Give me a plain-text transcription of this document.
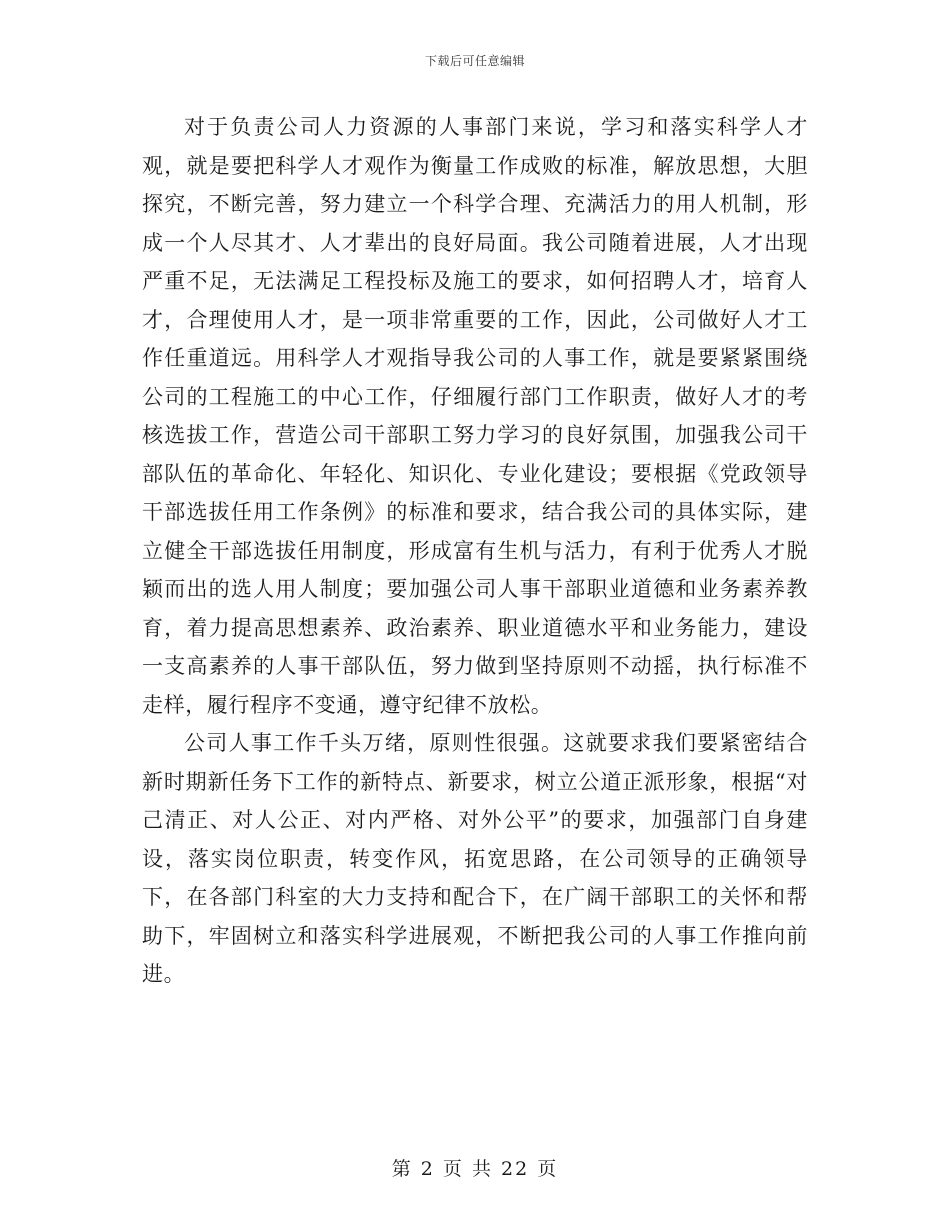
下载后可任意编辑

对于负责公司人力资源的人事部门来说，学习和落实科学人才观，就是要把科学人才观作为衡量工作成败的标准，解放思想，大胆探究，不断完善，努力建立一个科学合理、充满活力的用人机制，形成一个人尽其才、人才辈出的良好局面。我公司随着进展，人才出现严重不足，无法满足工程投标及施工的要求，如何招聘人才，培育人才，合理使用人才，是一项非常重要的工作，因此，公司做好人才工作任重道远。用科学人才观指导我公司的人事工作，就是要紧紧围绕公司的工程施工的中心工作，仔细履行部门工作职责，做好人才的考核选拔工作，营造公司干部职工努力学习的良好氛围，加强我公司干部队伍的革命化、年轻化、知识化、专业化建设；要根据《党政领导干部选拔任用工作条例》的标准和要求，结合我公司的具体实际，建立健全干部选拔任用制度，形成富有生机与活力，有利于优秀人才脱颖而出的选人用人制度；要加强公司人事干部职业道德和业务素养教育，着力提高思想素养、政治素养、职业道德水平和业务能力，建设一支高素养的人事干部队伍，努力做到坚持原则不动摇，执行标准不走样，履行程序不变通，遵守纪律不放松。

公司人事工作千头万绪，原则性很强。这就要求我们要紧密结合新时期新任务下工作的新特点、新要求，树立公道正派形象，根据“对己清正、对人公正、对内严格、对外公平”的要求，加强部门自身建设，落实岗位职责，转变作风，拓宽思路，在公司领导的正确领导下，在各部门科室的大力支持和配合下，在广阔干部职工的关怀和帮助下，牢固树立和落实科学进展观，不断把我公司的人事工作推向前进。

第 2 页 共 22 页
